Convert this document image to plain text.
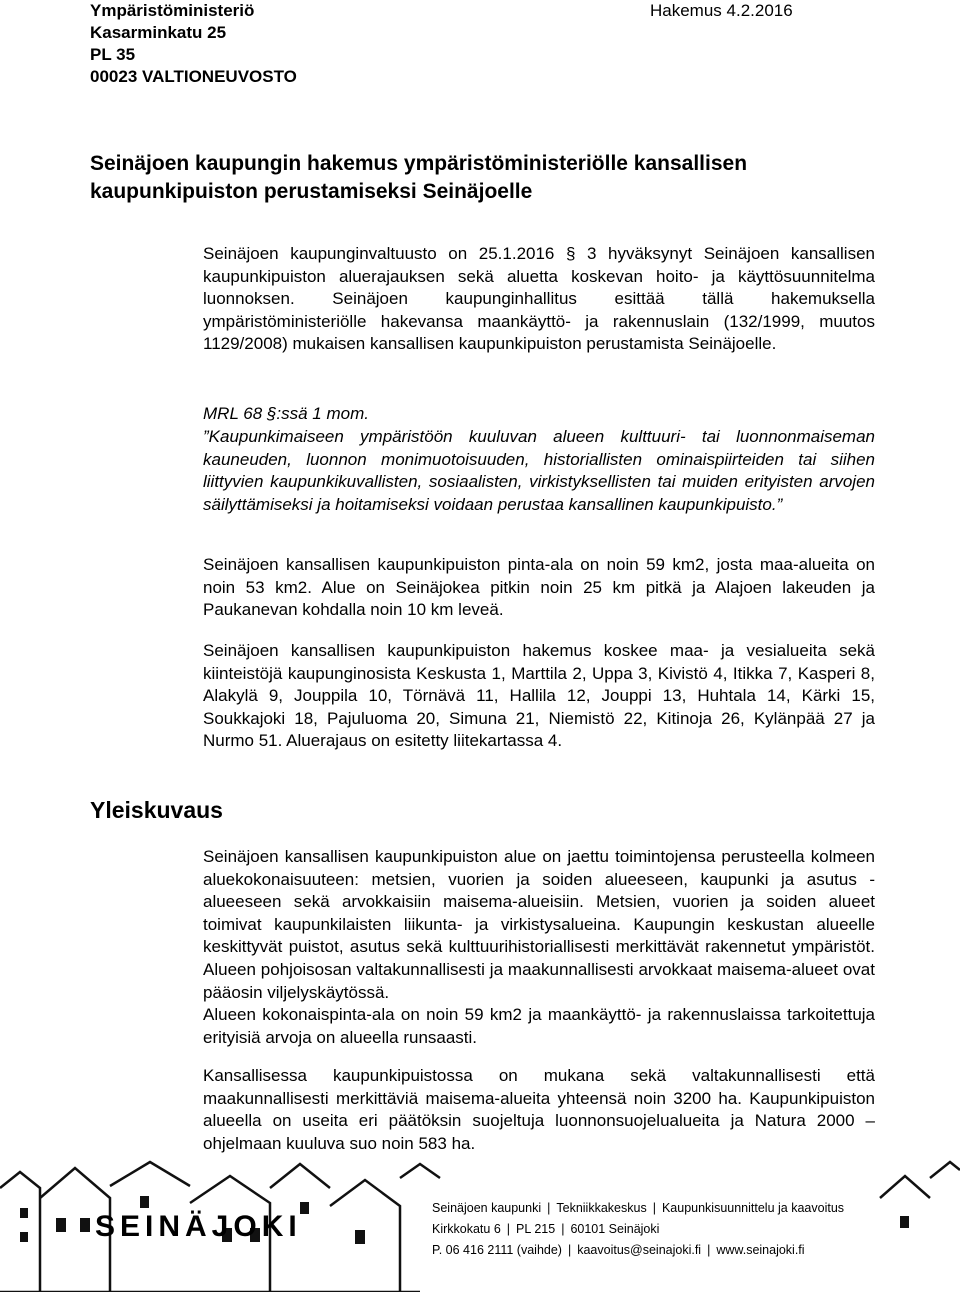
Ympäristöministeriö
Kasarminkatu 25
PL 35
00023 VALTIONEUVOSTO
Hakemus 4.2.2016
Seinäjoen kaupungin hakemus ympäristöministeriölle kansallisen kaupunkipuiston perustamiseksi Seinäjoelle
Seinäjoen kaupunginvaltuusto on 25.1.2016 § 3 hyväksynyt Seinäjoen kansallisen kaupunkipuiston aluerajauksen sekä aluetta koskevan hoito- ja käyttösuunnitelma luonnoksen. Seinäjoen kaupunginhallitus esittää tällä hakemuksella ympäristöministeriölle hakevansa maankäyttö- ja rakennuslain (132/1999, muutos 1129/2008) mukaisen kansallisen kaupunkipuiston perustamista Seinäjoelle.
MRL 68 §:ssä 1 mom.
”Kaupunkimaiseen ympäristöön kuuluvan alueen kulttuuri- tai luonnonmaiseman kauneuden, luonnon monimuotoisuuden, historiallisten ominaispiirteiden tai siihen liittyvien kaupunkikuvallisten, sosiaalisten, virkistyksellisten tai muiden erityisten arvojen säilyttämiseksi ja hoitamiseksi voidaan perustaa kansallinen kaupunkipuisto.”
Seinäjoen kansallisen kaupunkipuiston pinta-ala on noin 59 km2, josta maa-alueita on noin 53 km2. Alue on Seinäjokea pitkin noin 25 km pitkä ja Alajoen lakeuden ja Paukanevan kohdalla noin 10 km leveä.
Seinäjoen kansallisen kaupunkipuiston hakemus koskee maa- ja vesialueita sekä kiinteistöjä kaupunginosista Keskusta 1, Marttila 2, Uppa 3, Kivistö 4, Itikka 7, Kasperi 8, Alakylä 9, Jouppila 10, Törnävä 11, Hallila 12, Jouppi 13, Huhtala 14, Kärki 15, Soukkajoki 18, Pajuluoma 20, Simuna 21, Niemistö 22, Kitinoja 26, Kylänpää 27 ja Nurmo 51. Aluerajaus on esitetty liitekartassa 4.
Yleiskuvaus
Seinäjoen kansallisen kaupunkipuiston alue on jaettu toimintojensa perusteella kolmeen aluekokonaisuuteen: metsien, vuorien ja soiden alueeseen, kaupunki ja asutus -alueeseen sekä arvokkaisiin maisema-alueisiin. Metsien, vuorien ja soiden alueet toimivat kaupunkilaisten liikunta- ja virkistysalueina. Kaupungin keskustan alueelle keskittyvät puistot, asutus sekä kulttuurihistoriallisesti merkittävät rakennetut ympäristöt. Alueen pohjoisosan valtakunnallisesti ja maakunnallisesti arvokkaat maisema-alueet ovat pääosin viljelyskäytössä.
Alueen kokonaispinta-ala on noin 59 km2 ja maankäyttö- ja rakennuslaissa tarkoitettuja erityisiä arvoja on alueella runsaasti.
Kansallisessa kaupunkipuistossa on mukana sekä valtakunnallisesti että maakunnallisesti merkittäviä maisema-alueita yhteensä noin 3200 ha. Kaupunkipuiston alueella on useita eri päätöksin suojeltuja luonnonsuojelualueita ja Natura 2000 – ohjelmaan kuuluva suo noin 583 ha.
SEINÄJOKI
Seinäjoen kaupunki | Tekniikkakeskus | Kaupunkisuunnittelu ja kaavoitus
Kirkkokatu 6 | PL 215 | 60101 Seinäjoki
P. 06 416 2111 (vaihde) | kaavoitus@seinajoki.fi | www.seinajoki.fi
